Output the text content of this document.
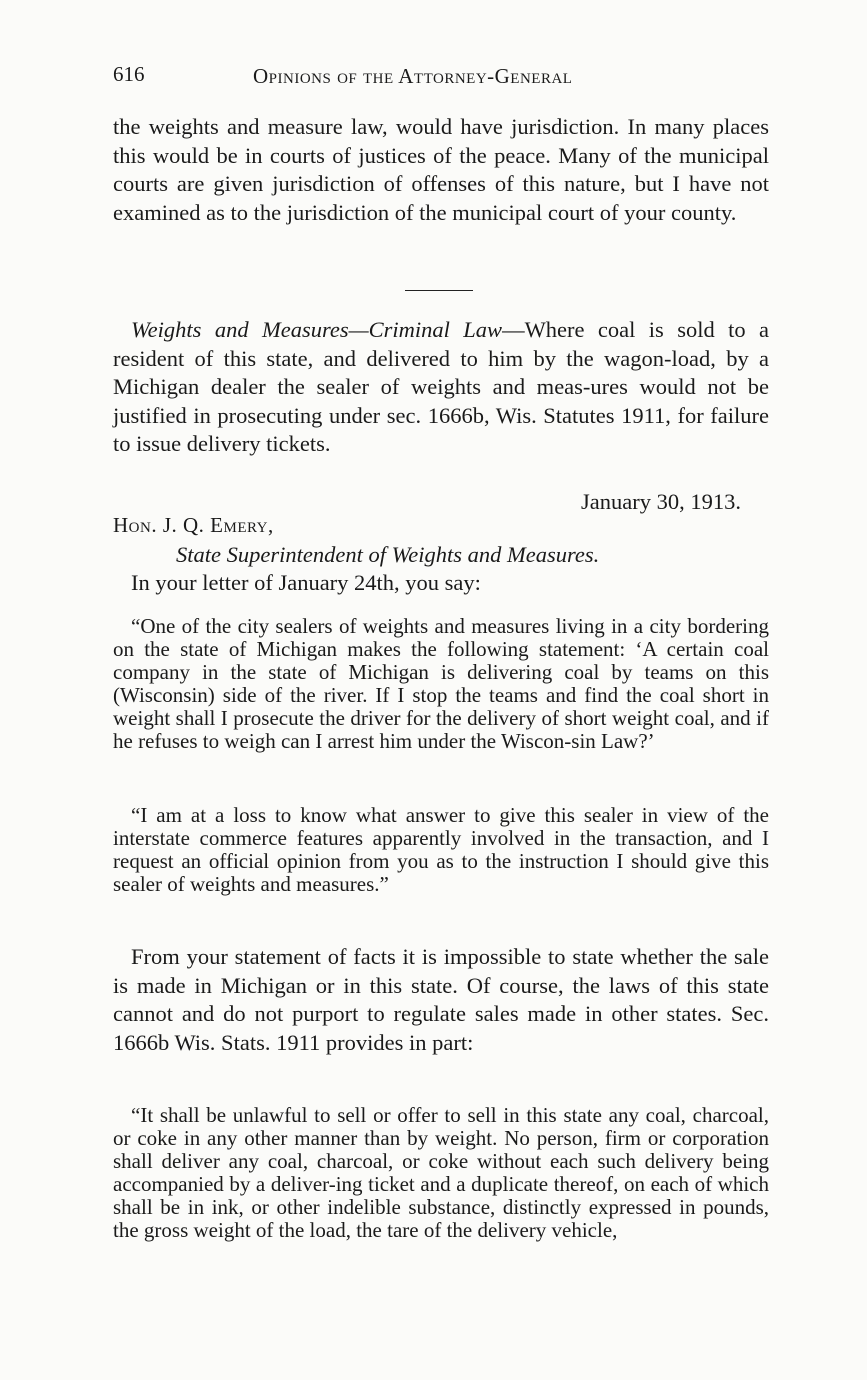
616	Opinions of the Attorney-General

the weights and measure law, would have jurisdiction. In many places this would be in courts of justices of the peace. Many of the municipal courts are given jurisdiction of offenses of this nature, but I have not examined as to the jurisdiction of the municipal court of your county.

Weights and Measures—Criminal Law—Where coal is sold to a resident of this state, and delivered to him by the wagon-load, by a Michigan dealer the sealer of weights and meas-ures would not be justified in prosecuting under sec. 1666b, Wis. Statutes 1911, for failure to issue delivery tickets.

January 30, 1913.
Hon. J. Q. Emery,
State Superintendent of Weights and Measures.

In your letter of January 24th, you say:

“One of the city sealers of weights and measures living in a city bordering on the state of Michigan makes the following statement: ‘A certain coal company in the state of Michigan is delivering coal by teams on this (Wisconsin) side of the river. If I stop the teams and find the coal short in weight shall I prosecute the driver for the delivery of short weight coal, and if he refuses to weigh can I arrest him under the Wiscon-sin Law?’

“I am at a loss to know what answer to give this sealer in view of the interstate commerce features apparently involved in the transaction, and I request an official opinion from you as to the instruction I should give this sealer of weights and measures.”

From your statement of facts it is impossible to state whether the sale is made in Michigan or in this state. Of course, the laws of this state cannot and do not purport to regulate sales made in other states. Sec. 1666b Wis. Stats. 1911 provides in part:

“It shall be unlawful to sell or offer to sell in this state any coal, charcoal, or coke in any other manner than by weight. No person, firm or corporation shall deliver any coal, charcoal, or coke without each such delivery being accompanied by a deliver-ing ticket and a duplicate thereof, on each of which shall be in ink, or other indelible substance, distinctly expressed in pounds, the gross weight of the load, the tare of the delivery vehicle,
